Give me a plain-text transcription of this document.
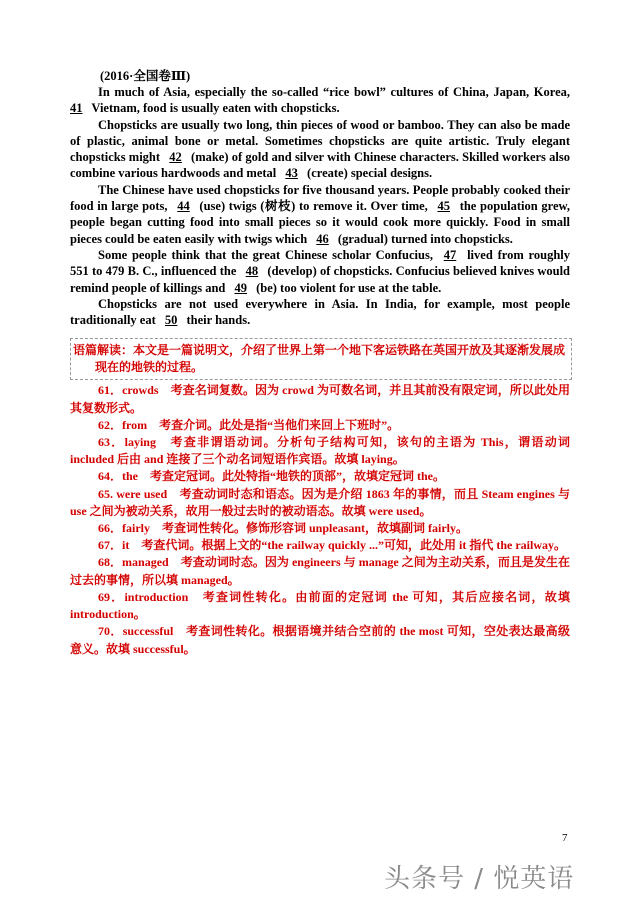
(2016·全国卷Ⅲ)

In much of Asia, especially the so-called “rice bowl” cultures of China, Japan, Korea, 41 Vietnam, food is usually eaten with chopsticks.

Chopsticks are usually two long, thin pieces of wood or bamboo. They can also be made of plastic, animal bone or metal. Sometimes chopsticks are quite artistic. Truly elegant chopsticks might 42 (make) of gold and silver with Chinese characters. Skilled workers also combine various hardwoods and metal 43 (create) special designs.

The Chinese have used chopsticks for five thousand years. People probably cooked their food in large pots, 44 (use) twigs (树枝) to remove it. Over time, 45 the population grew, people began cutting food into small pieces so it would cook more quickly. Food in small pieces could be eaten easily with twigs which 46 (gradual) turned into chopsticks.

Some people think that the great Chinese scholar Confucius, 47 lived from roughly 551 to 479 B. C., influenced the 48 (develop) of chopsticks. Confucius believed knives would remind people of killings and 49 (be) too violent for use at the table.

Chopsticks are not used everywhere in Asia. In India, for example, most people traditionally eat 50 their hands.

语篇解读：本文是一篇说明文，介绍了世界上第一个地下客运铁路在英国开放及其逐渐发展成现在的地铁的过程。

61．crowds　考查名词复数。因为 crowd 为可数名词，并且其前没有限定词，所以此处用其复数形式。

62．from　考查介词。此处是指“当他们来回上下班时”。

63．laying　考查非谓语动词。分析句子结构可知，该句的主语为 This，谓语动词 included 后由 and 连接了三个动名词短语作宾语。故填 laying。

64．the　考查定冠词。此处特指“地铁的顶部”，故填定冠词 the。

65. were used　考查动词时态和语态。因为是介绍 1863 年的事情，而且 Steam engines 与 use 之间为被动关系，故用一般过去时的被动语态。故填 were used。

66．fairly　考查词性转化。修饰形容词 unpleasant，故填副词 fairly。

67．it　考查代词。根据上文的“the railway quickly ...”可知，此处用 it 指代 the railway。

68．managed　考查动词时态。因为 engineers 与 manage 之间为主动关系，而且是发生在过去的事情，所以填 managed。

69．introduction　考查词性转化。由前面的定冠词 the 可知，其后应接名词，故填 introduction。

70．successful　考查词性转化。根据语境并结合空前的 the most 可知，空处表达最高级意义。故填 successful。

7
头条号 / 悦英语
